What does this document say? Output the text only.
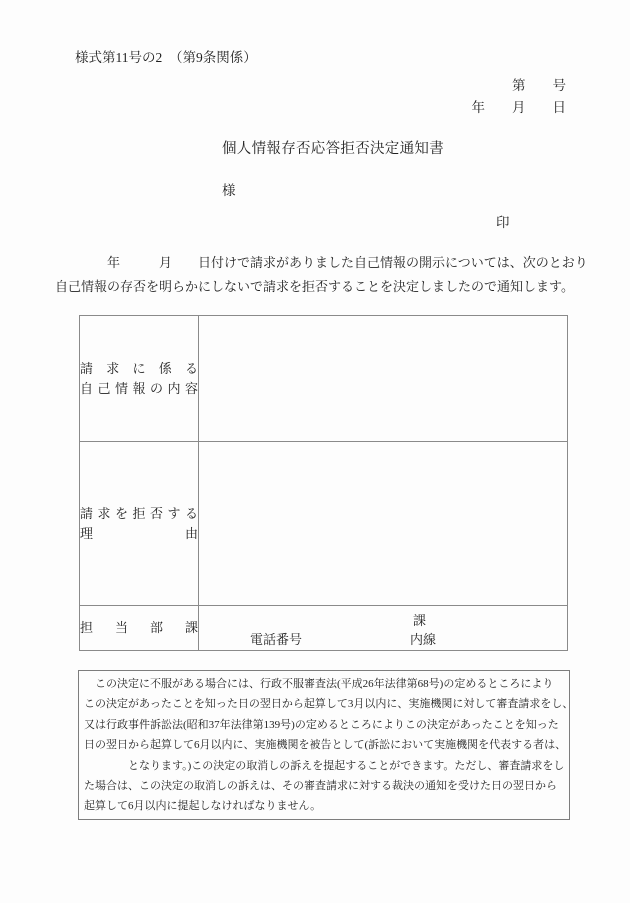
様式第11号の2　（第9条関係）
第　　号
年　　月　　日
個人情報存否応答拒否決定通知書
様
印
　　　　年　　　月　　日付けで請求がありました自己情報の開示については、次のとおり
自己情報の存否を明らかにしないで請求を拒否することを決定しましたので通知します。
請求に係る
自己情報の内容	

請求を拒否する
理由	

担当部課	課
電話番号 内線
　この決定に不服がある場合には、行政不服審査法(平成26年法律第68号)の定めるところにより
この決定があったことを知った日の翌日から起算して3月以内に、実施機関に対して審査請求をし、
又は行政事件訴訟法(昭和37年法律第139号)の定めるところによりこの決定があったことを知った
日の翌日から起算して6月以内に、実施機関を被告として(訴訟において実施機関を代表する者は、
　　　　となります。)この決定の取消しの訴えを提起することができます。ただし、審査請求をし
た場合は、この決定の取消しの訴えは、その審査請求に対する裁決の通知を受けた日の翌日から
起算して6月以内に提起しなければなりません。
